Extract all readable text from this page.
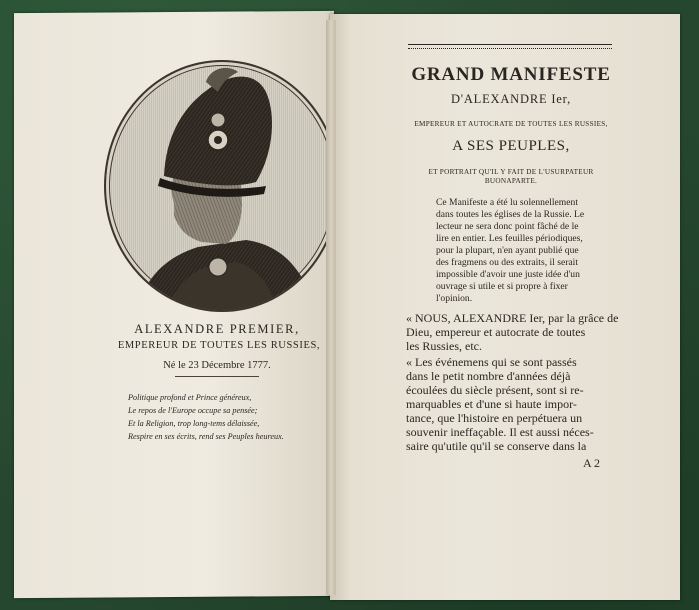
ALEXANDRE PREMIER,
EMPEREUR DE TOUTES LES RUSSIES,
Né le 23 Décembre 1777.
Politique profond et Prince généreux,
Le repos de l'Europe occupe sa pensée;
Et la Religion, trop long-tems délaissée,
Respire en ses écrits, rend ses Peuples heureux.
GRAND MANIFESTE
D'ALEXANDRE Ier,
EMPEREUR ET AUTOCRATE DE TOUTES LES RUSSIES,
A SES PEUPLES,
ET PORTRAIT QU'IL Y FAIT DE L'USURPATEUR
BUONAPARTE.
Ce Manifeste a été lu solennellement
dans toutes les églises de la Russie. Le
lecteur ne sera donc point fâché de le
lire en entier. Les feuilles périodiques,
pour la plupart, n'en ayant publié que
des fragmens ou des extraits, il serait
impossible d'avoir une juste idée d'un
ouvrage si utile et si propre à fixer
l'opinion.
« NOUS, ALEXANDRE Ier, par la grâce de
Dieu, empereur et autocrate de toutes
les Russies, etc.
« Les événemens qui se sont passés
dans le petit nombre d'années déjà
écoulées du siècle présent, sont si re-
marquables et d'une si haute impor-
tance, que l'histoire en perpétuera un
souvenir ineffaçable. Il est aussi néces-
saire qu'utile qu'il se conserve dans la
A 2
